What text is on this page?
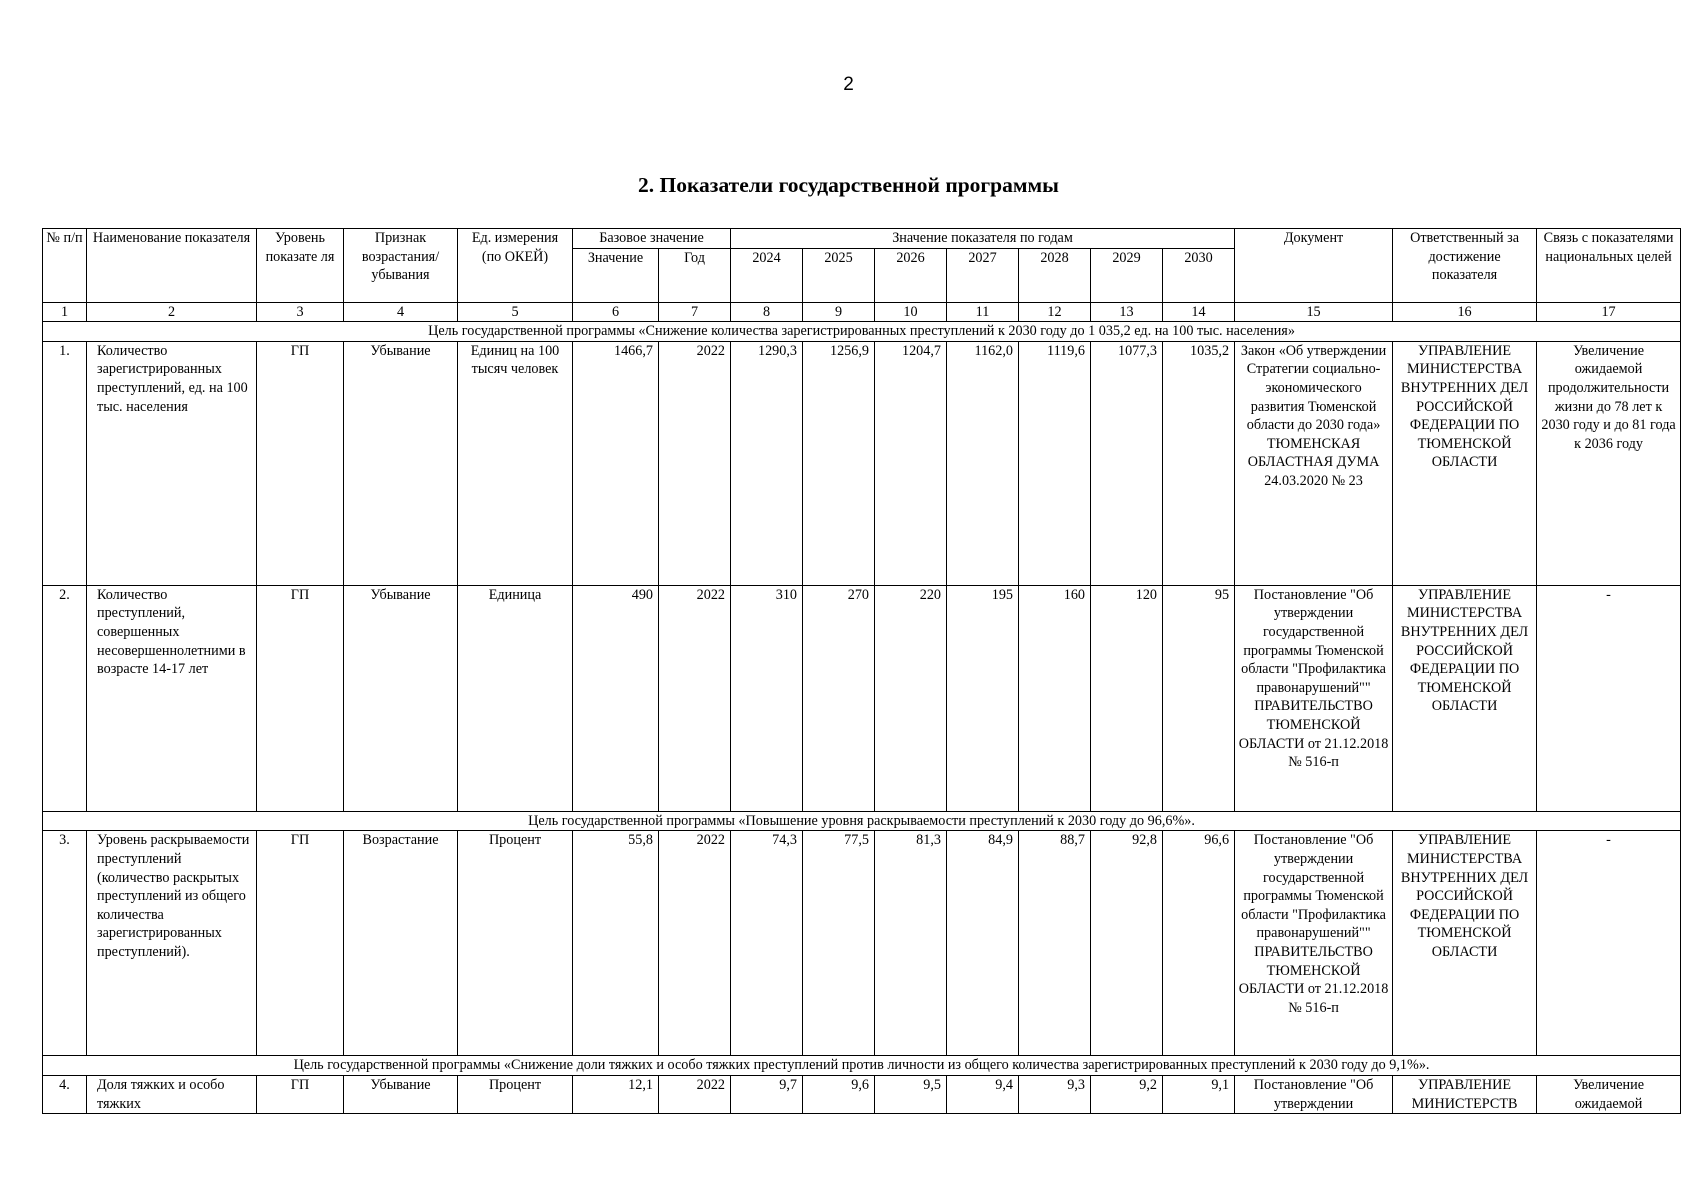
2
2. Показатели государственной программы
№ п/п	Наименование показателя	Уровень показате ля	Признак возрастания/ убывания	Ед. измерения (по ОКЕЙ)	Базовое значение		Значение показателя по годам							Документ	Ответственный за достижение показателя	Связь с показателями национальных целей
					Значение	Год	2024	2025	2026	2027	2028	2029	2030			
1	2	3	4	5	6	7	8	9	10	11	12	13	14	15	16	17
Цель государственной программы «Снижение количества зарегистрированных преступлений к 2030 году до 1 035,2 ед. на 100 тыс. населения»																
1.	Количество зарегистрированных преступлений, ед. на 100 тыс. населения	ГП	Убывание	Единиц на 100 тысяч человек	1466,7	2022	1290,3	1256,9	1204,7	1162,0	1119,6	1077,3	1035,2	Закон «Об утверждении Стратегии социально-экономического развития Тюменской области до 2030 года» ТЮМЕНСКАЯ ОБЛАСТНАЯ ДУМА 24.03.2020 № 23	УПРАВЛЕНИЕ МИНИСТЕРСТВА ВНУТРЕННИХ ДЕЛ РОССИЙСКОЙ ФЕДЕРАЦИИ ПО ТЮМЕНСКОЙ ОБЛАСТИ	Увеличение ожидаемой продолжительности жизни до 78 лет к 2030 году и до 81 года к 2036 году
2.	Количество преступлений, совершенных несовершеннолетними в возрасте 14-17 лет	ГП	Убывание	Единица	490	2022	310	270	220	195	160	120	95	Постановление "Об утверждении государственной программы Тюменской области "Профилактика правонарушений"" ПРАВИТЕЛЬСТВО ТЮМЕНСКОЙ ОБЛАСТИ от 21.12.2018 № 516-п	УПРАВЛЕНИЕ МИНИСТЕРСТВА ВНУТРЕННИХ ДЕЛ РОССИЙСКОЙ ФЕДЕРАЦИИ ПО ТЮМЕНСКОЙ ОБЛАСТИ	-
Цель государственной программы «Повышение уровня раскрываемости преступлений к 2030 году до 96,6%».																
3.	Уровень раскрываемости преступлений (количество раскрытых преступлений из общего количества зарегистрированных преступлений).	ГП	Возрастание	Процент	55,8	2022	74,3	77,5	81,3	84,9	88,7	92,8	96,6	Постановление "Об утверждении государственной программы Тюменской области "Профилактика правонарушений"" ПРАВИТЕЛЬСТВО ТЮМЕНСКОЙ ОБЛАСТИ от 21.12.2018 № 516-п	УПРАВЛЕНИЕ МИНИСТЕРСТВА ВНУТРЕННИХ ДЕЛ РОССИЙСКОЙ ФЕДЕРАЦИИ ПО ТЮМЕНСКОЙ ОБЛАСТИ	-
Цель государственной программы «Снижение доли тяжких и особо тяжких преступлений против личности из общего количества зарегистрированных преступлений к 2030 году до 9,1%».																
4.	Доля тяжких и особо тяжких	ГП	Убывание	Процент	12,1	2022	9,7	9,6	9,5	9,4	9,3	9,2	9,1	Постановление "Об утверждении	УПРАВЛЕНИЕ МИНИСТЕРСТВ	Увеличение ожидаемой
